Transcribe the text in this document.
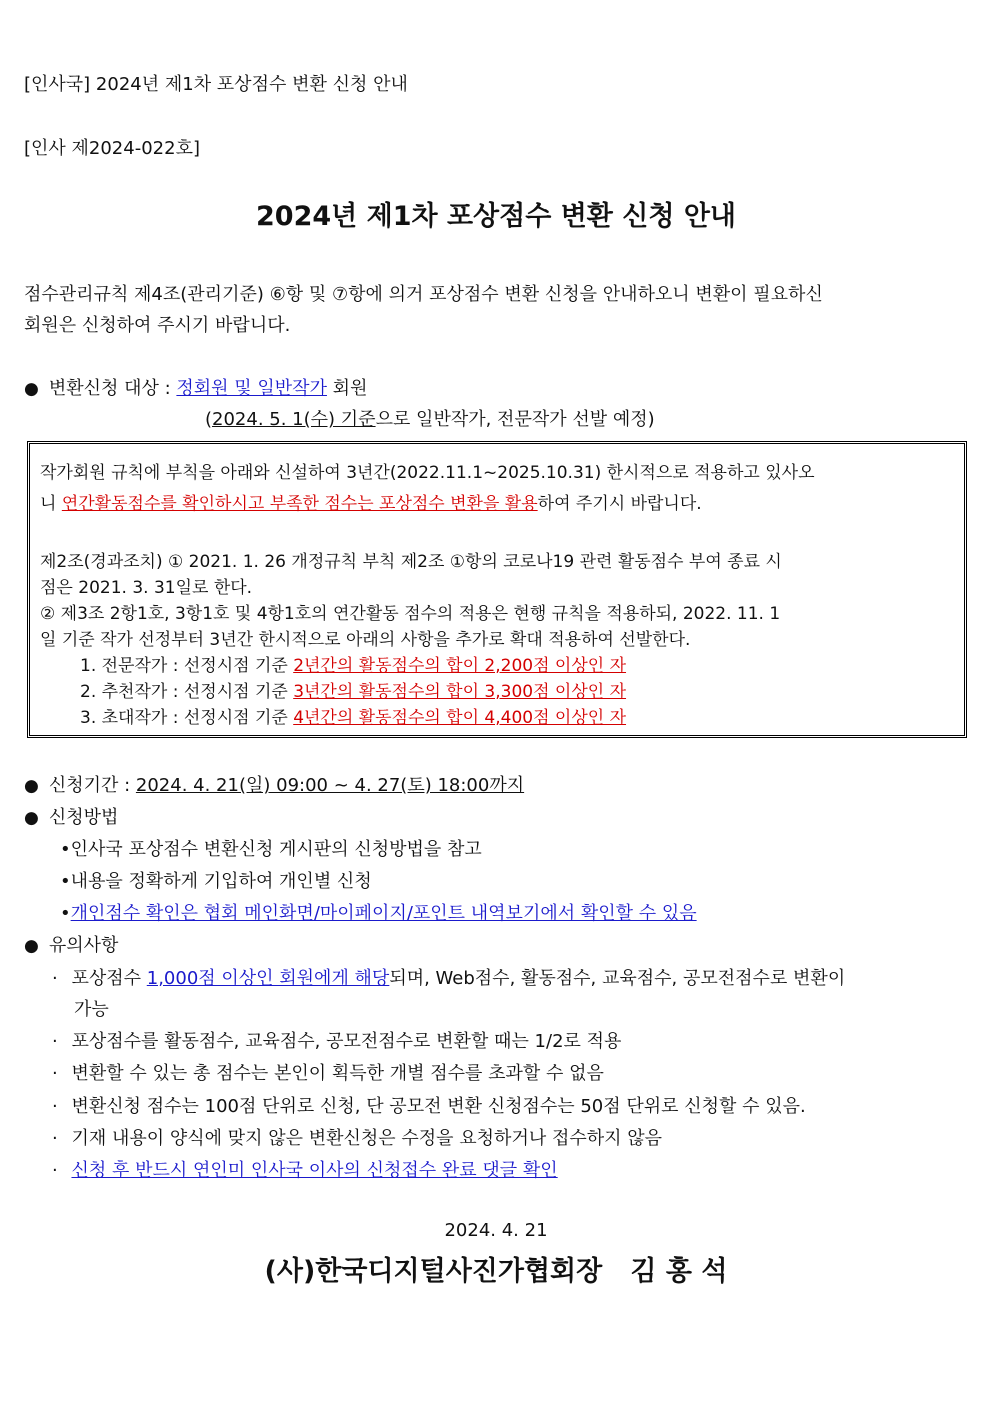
[인사국] 2024년 제1차 포상점수 변환 신청 안내
[인사 제2024-022호]
2024년 제1차 포상점수 변환 신청 안내
점수관리규칙 제4조(관리기준) ⑥항 및 ⑦항에 의거 포상점수 변환 신청을 안내하오니 변환이 필요하신
회원은 신청하여 주시기 바랍니다.
● 변환신청 대상 : 정회원 및 일반작가 회원
(2024. 5. 1(수) 기준으로 일반작가, 전문작가 선발 예정)
작가회원 규칙에 부칙을 아래와 신설하여 3년간(2022.11.1~2025.10.31) 한시적으로 적용하고 있사오
니 연간활동점수를 확인하시고 부족한 점수는 포상점수 변환을 활용하여 주기시 바랍니다.
제2조(경과조치) ① 2021. 1. 26 개정규칙 부칙 제2조 ①항의 코로나19 관련 활동점수 부여 종료 시
점은 2021. 3. 31일로 한다.
② 제3조 2항1호, 3항1호 및 4항1호의 연간활동 점수의 적용은 현행 규칙을 적용하되, 2022. 11. 1
일 기준 작가 선정부터 3년간 한시적으로 아래의 사항을 추가로 확대 적용하여 선발한다.
1. 전문작가 : 선정시점 기준 2년간의 활동점수의 합이 2,200점 이상인 자
2. 추천작가 : 선정시점 기준 3년간의 활동점수의 합이 3,300점 이상인 자
3. 초대작가 : 선정시점 기준 4년간의 활동점수의 합이 4,400점 이상인 자
● 신청기간 : 2024. 4. 21(일) 09:00 ~ 4. 27(토) 18:00까지
● 신청방법
•인사국 포상점수 변환신청 게시판의 신청방법을 참고
•내용을 정확하게 기입하여 개인별 신청
•개인점수 확인은 협회 메인화면/마이페이지/포인트 내역보기에서 확인할 수 있음
● 유의사항
· 포상점수 1,000점 이상인 회원에게 해당되며, Web점수, 활동점수, 교육점수, 공모전점수로 변환이
가능
· 포상점수를 활동점수, 교육점수, 공모전점수로 변환할 때는 1/2로 적용
· 변환할 수 있는 총 점수는 본인이 획득한 개별 점수를 초과할 수 없음
· 변환신청 점수는 100점 단위로 신청, 단 공모전 변환 신청점수는 50점 단위로 신청할 수 있음.
· 기재 내용이 양식에 맞지 않은 변환신청은 수정을 요청하거나 접수하지 않음
· 신청 후 반드시 연인미 인사국 이사의 신청접수 완료 댓글 확인
2024. 4. 21
(사)한국디지털사진가협회장   김 홍 석
